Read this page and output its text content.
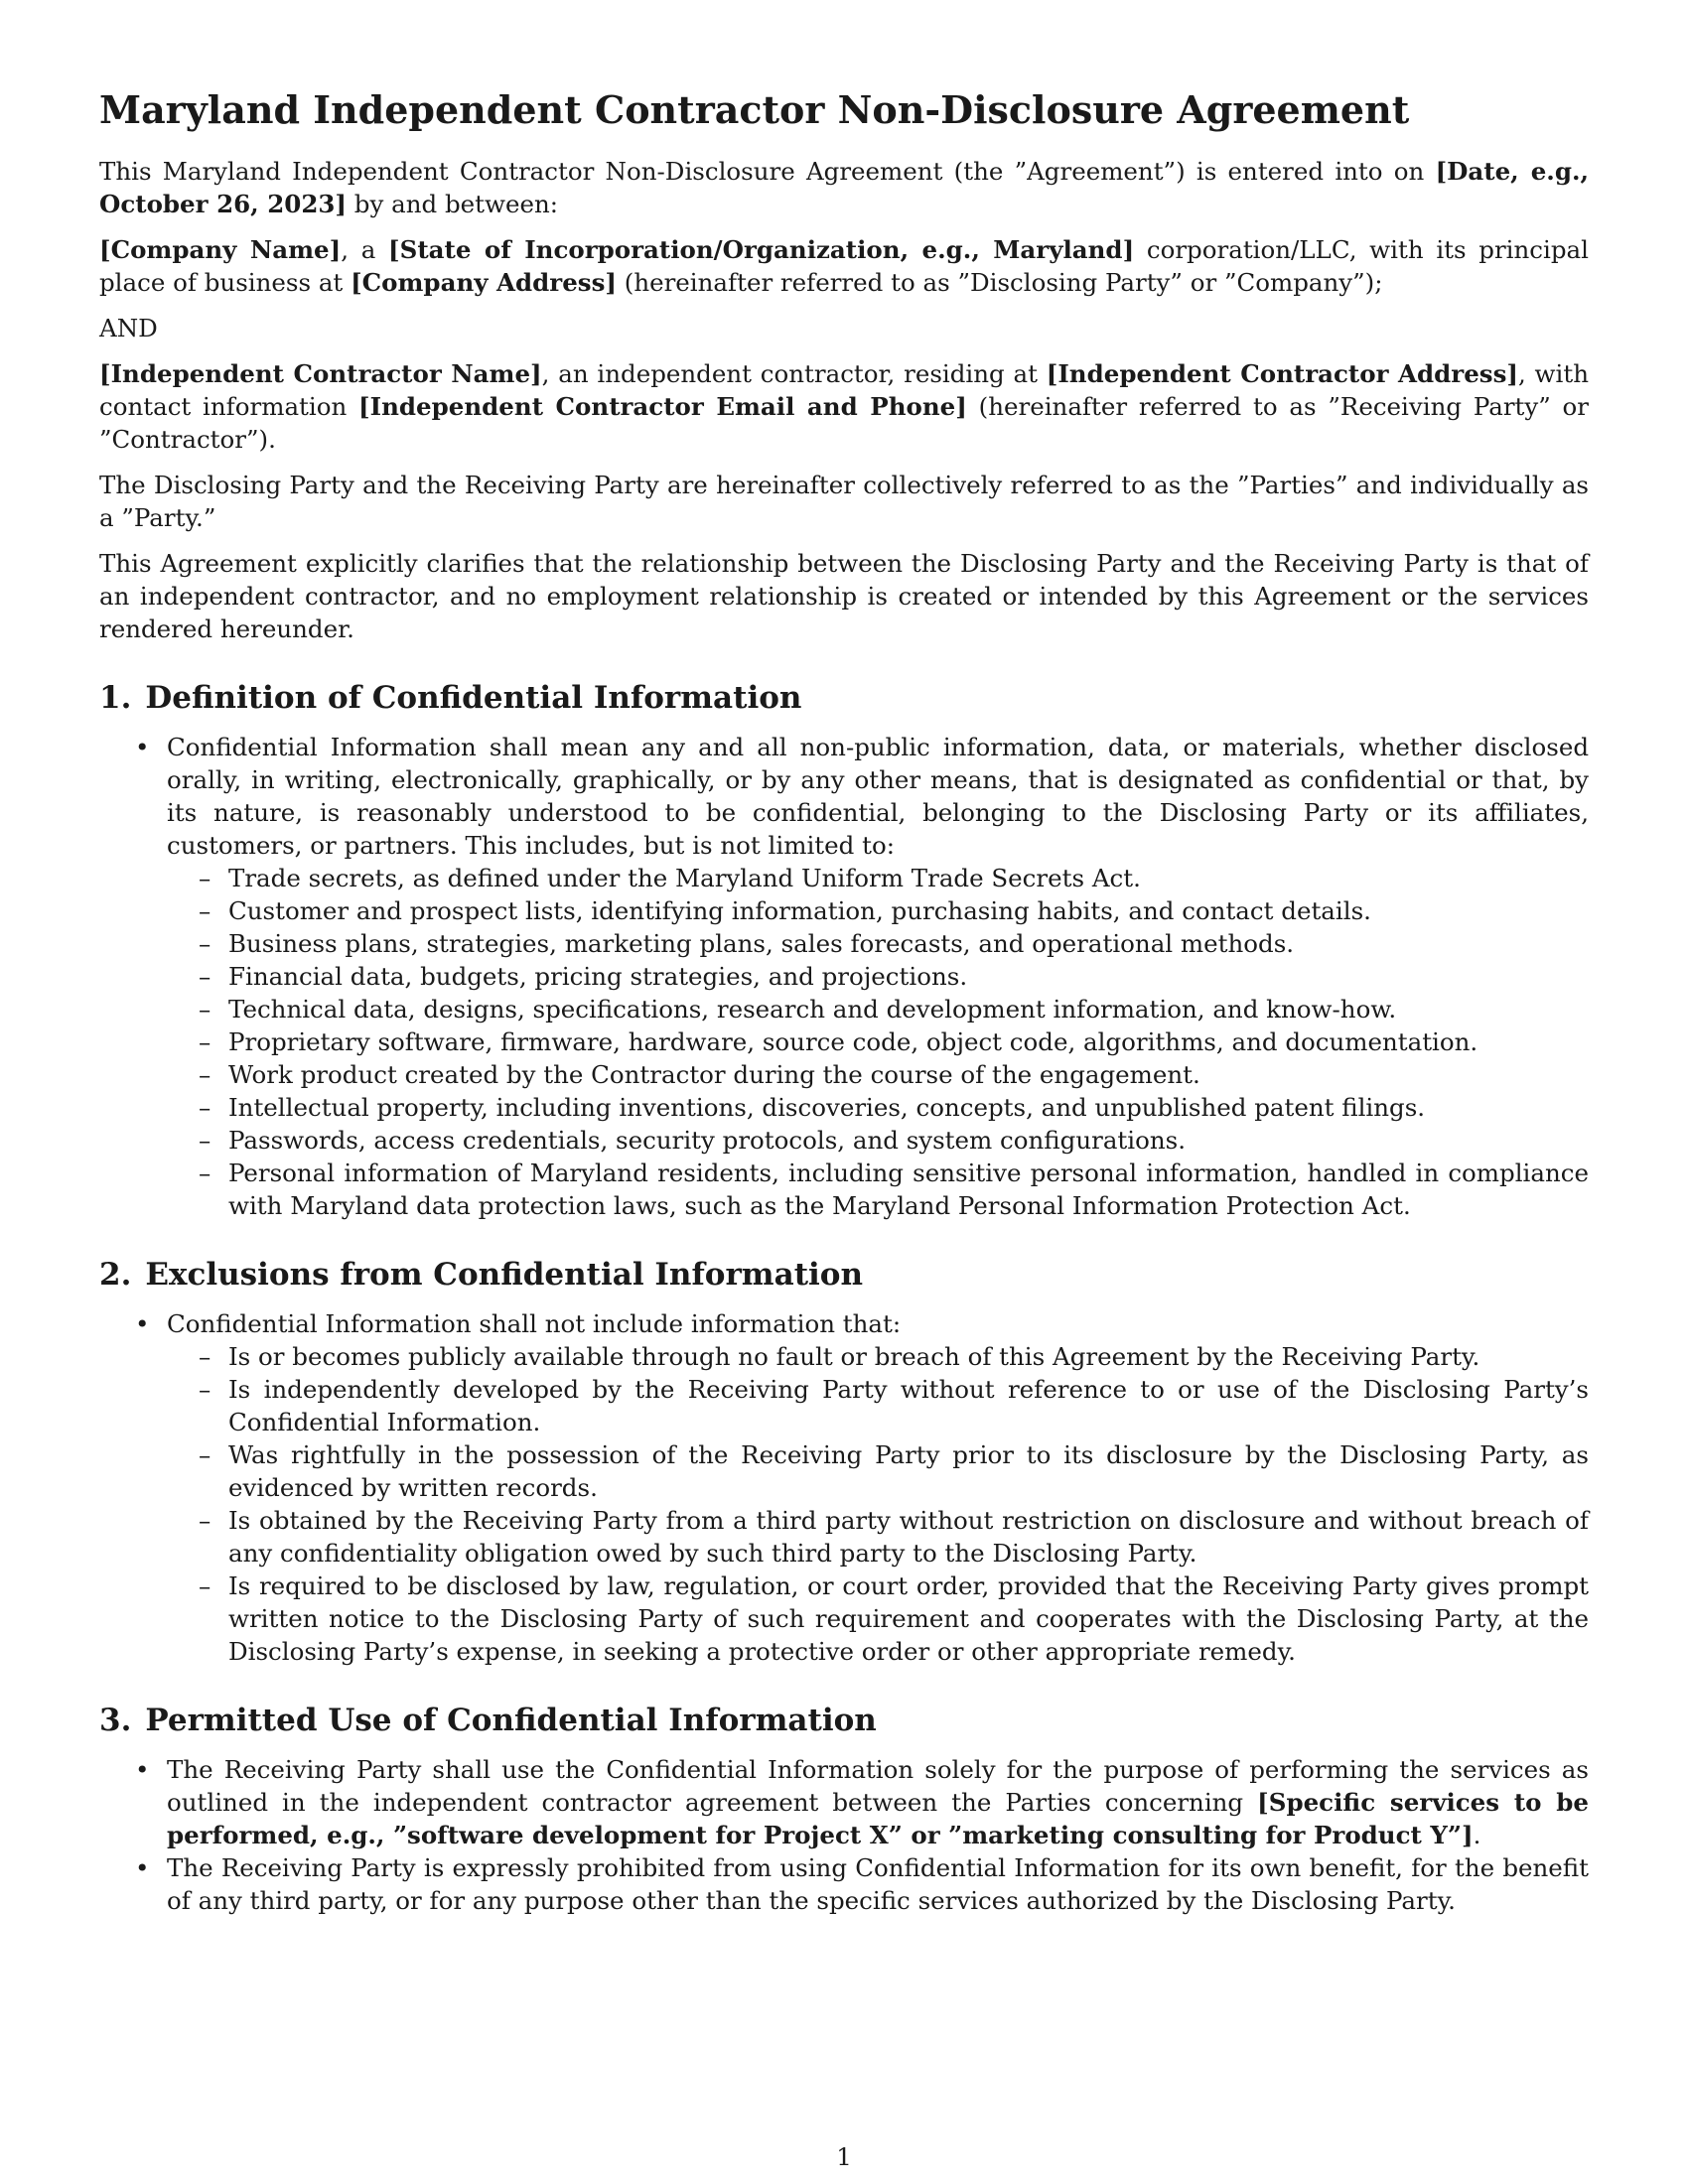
Maryland Independent Contractor Non-Disclosure Agreement

This Maryland Independent Contractor Non-Disclosure Agreement (the ”Agreement”) is entered into on [Date, e.g., October 26, 2023] by and between:

[Company Name], a [State of Incorporation/Organization, e.g., Maryland] corporation/LLC, with its principal place of business at [Company Address] (hereinafter referred to as ”Disclosing Party” or ”Company”);

AND

[Independent Contractor Name], an independent contractor, residing at [Independent Contractor Address], with contact information [Independent Contractor Email and Phone] (hereinafter referred to as ”Receiving Party” or ”Contractor”).

The Disclosing Party and the Receiving Party are hereinafter collectively referred to as the ”Parties” and individually as a ”Party.”

This Agreement explicitly clarifies that the relationship between the Disclosing Party and the Receiving Party is that of an independent contractor, and no employment relationship is created or intended by this Agreement or the services rendered hereunder.

1. Definition of Confidential Information
• Confidential Information shall mean any and all non-public information, data, or materials, whether disclosed orally, in writing, electronically, graphically, or by any other means, that is designated as confidential or that, by its nature, is reasonably understood to be confidential, belonging to the Disclosing Party or its affiliates, customers, or partners. This includes, but is not limited to:
– Trade secrets, as defined under the Maryland Uniform Trade Secrets Act.
– Customer and prospect lists, identifying information, purchasing habits, and contact details.
– Business plans, strategies, marketing plans, sales forecasts, and operational methods.
– Financial data, budgets, pricing strategies, and projections.
– Technical data, designs, specifications, research and development information, and know-how.
– Proprietary software, firmware, hardware, source code, object code, algorithms, and documentation.
– Work product created by the Contractor during the course of the engagement.
– Intellectual property, including inventions, discoveries, concepts, and unpublished patent filings.
– Passwords, access credentials, security protocols, and system configurations.
– Personal information of Maryland residents, including sensitive personal information, handled in compliance with Maryland data protection laws, such as the Maryland Personal Information Protection Act.
2. Exclusions from Confidential Information
• Confidential Information shall not include information that:
– Is or becomes publicly available through no fault or breach of this Agreement by the Receiving Party.
– Is independently developed by the Receiving Party without reference to or use of the Disclosing Party’s Confidential Information.
– Was rightfully in the possession of the Receiving Party prior to its disclosure by the Disclosing Party, as evidenced by written records.
– Is obtained by the Receiving Party from a third party without restriction on disclosure and without breach of any confidentiality obligation owed by such third party to the Disclosing Party.
– Is required to be disclosed by law, regulation, or court order, provided that the Receiving Party gives prompt written notice to the Disclosing Party of such requirement and cooperates with the Disclosing Party, at the Disclosing Party’s expense, in seeking a protective order or other appropriate remedy.
3. Permitted Use of Confidential Information
• The Receiving Party shall use the Confidential Information solely for the purpose of performing the services as outlined in the independent contractor agreement between the Parties concerning [Specific services to be performed, e.g., ”software development for Project X” or ”marketing consulting for Product Y”].
• The Receiving Party is expressly prohibited from using Confidential Information for its own benefit, for the benefit of any third party, or for any purpose other than the specific services authorized by the Disclosing Party.
1
